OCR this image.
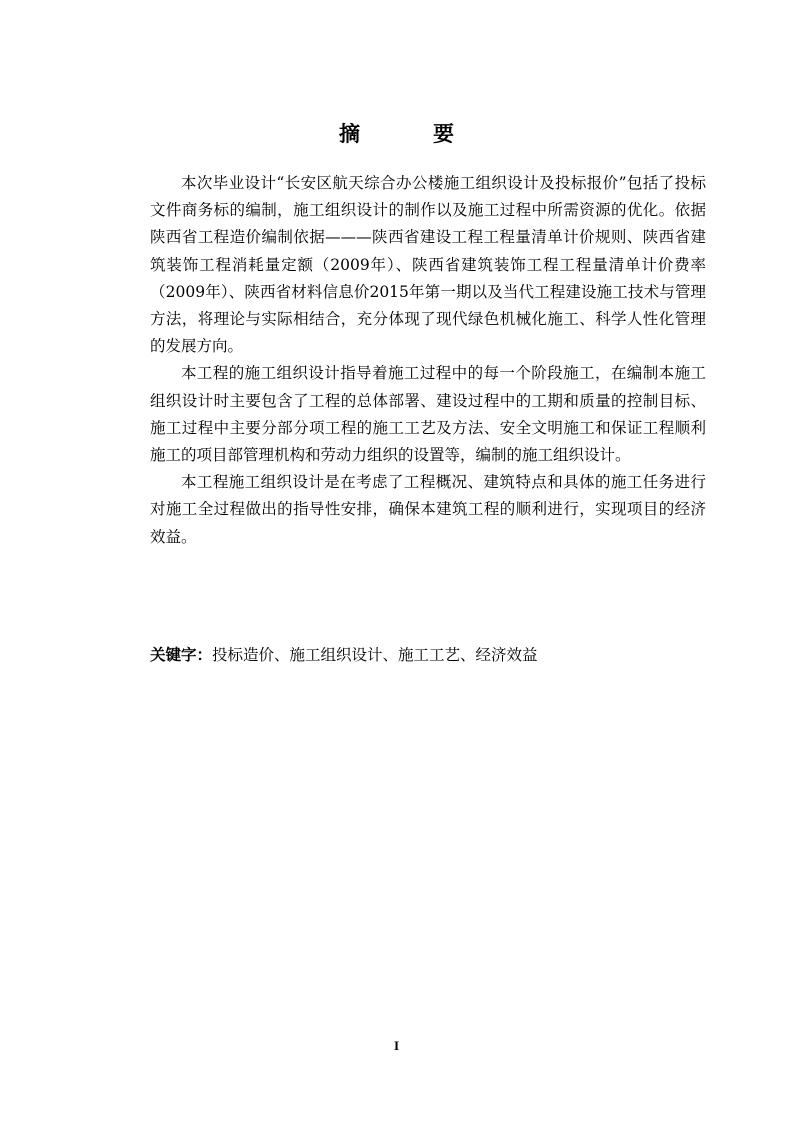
摘　要

本次毕业设计“长安区航天综合办公楼施工组织设计及投标报价”包括了投标文件商务标的编制，施工组织设计的制作以及施工过程中所需资源的优化。依据陕西省工程造价编制依据———陕西省建设工程工程量清单计价规则、陕西省建筑装饰工程消耗量定额（2009年）、陕西省建筑装饰工程工程量清单计价费率（2009年）、陕西省材料信息价2015年第一期以及当代工程建设施工技术与管理方法，将理论与实际相结合，充分体现了现代绿色机械化施工、科学人性化管理的发展方向。

本工程的施工组织设计指导着施工过程中的每一个阶段施工，在编制本施工组织设计时主要包含了工程的总体部署、建设过程中的工期和质量的控制目标、施工过程中主要分部分项工程的施工工艺及方法、安全文明施工和保证工程顺利施工的项目部管理机构和劳动力组织的设置等，编制的施工组织设计。

本工程施工组织设计是在考虑了工程概况、建筑特点和具体的施工任务进行对施工全过程做出的指导性安排，确保本建筑工程的顺利进行，实现项目的经济效益。

关键字：投标造价、施工组织设计、施工工艺、经济效益
I
